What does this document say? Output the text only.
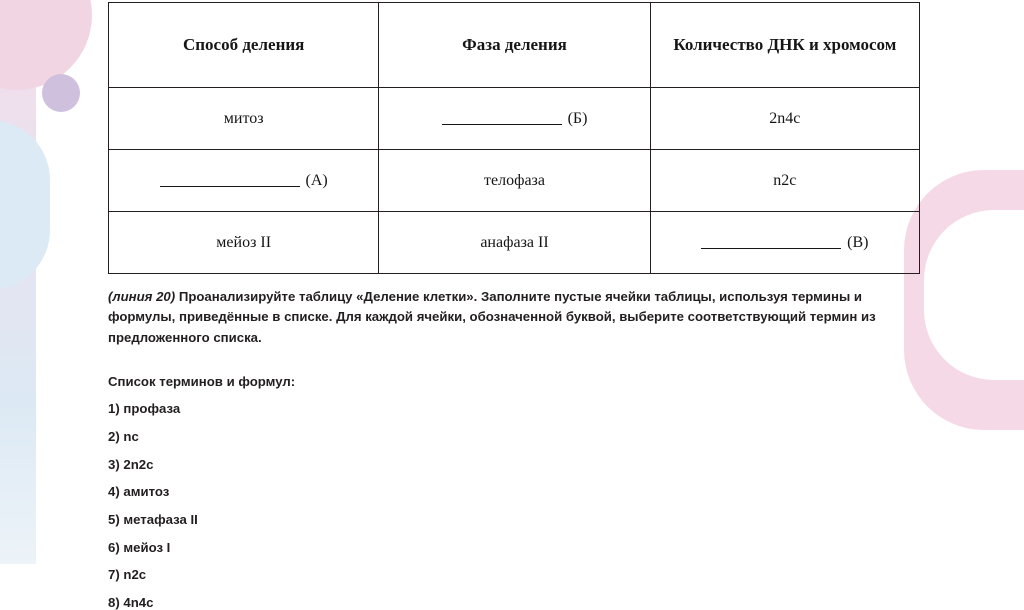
Способ деления	Фаза деления	Количество ДНК и хромосом
митоз	(Б)	2n4c
(А)	телофаза	n2c
мейоз II	анафаза II	(В)

(линия 20) Проанализируйте таблицу «Деление клетки». Заполните пустые ячейки таблицы, используя термины и формулы, приведённые в списке. Для каждой ячейки, обозначенной буквой, выберите соответствующий термин из предложенного списка.

Список терминов и формул:
1) профаза
2) nc
3) 2n2c
4) амитоз
5) метафаза II
6) мейоз I
7) n2c
8) 4n4c
